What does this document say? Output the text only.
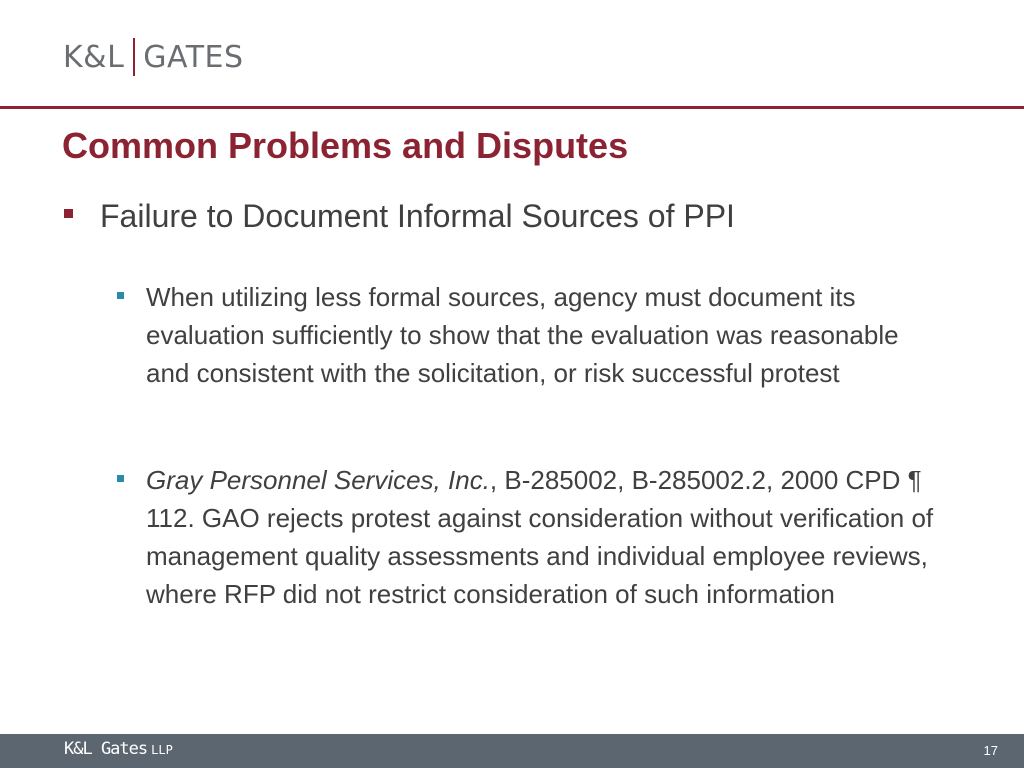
K&L GATES
Common Problems and Disputes
Failure to Document Informal Sources of PPI
When utilizing less formal sources, agency must document its evaluation sufficiently to show that the evaluation was reasonable and consistent with the solicitation, or risk successful protest
Gray Personnel Services, Inc., B-285002, B-285002.2, 2000 CPD ¶ 112. GAO rejects protest against consideration without verification of management quality assessments and individual employee reviews, where RFP did not restrict consideration of such information
K&L Gates LLP	17
